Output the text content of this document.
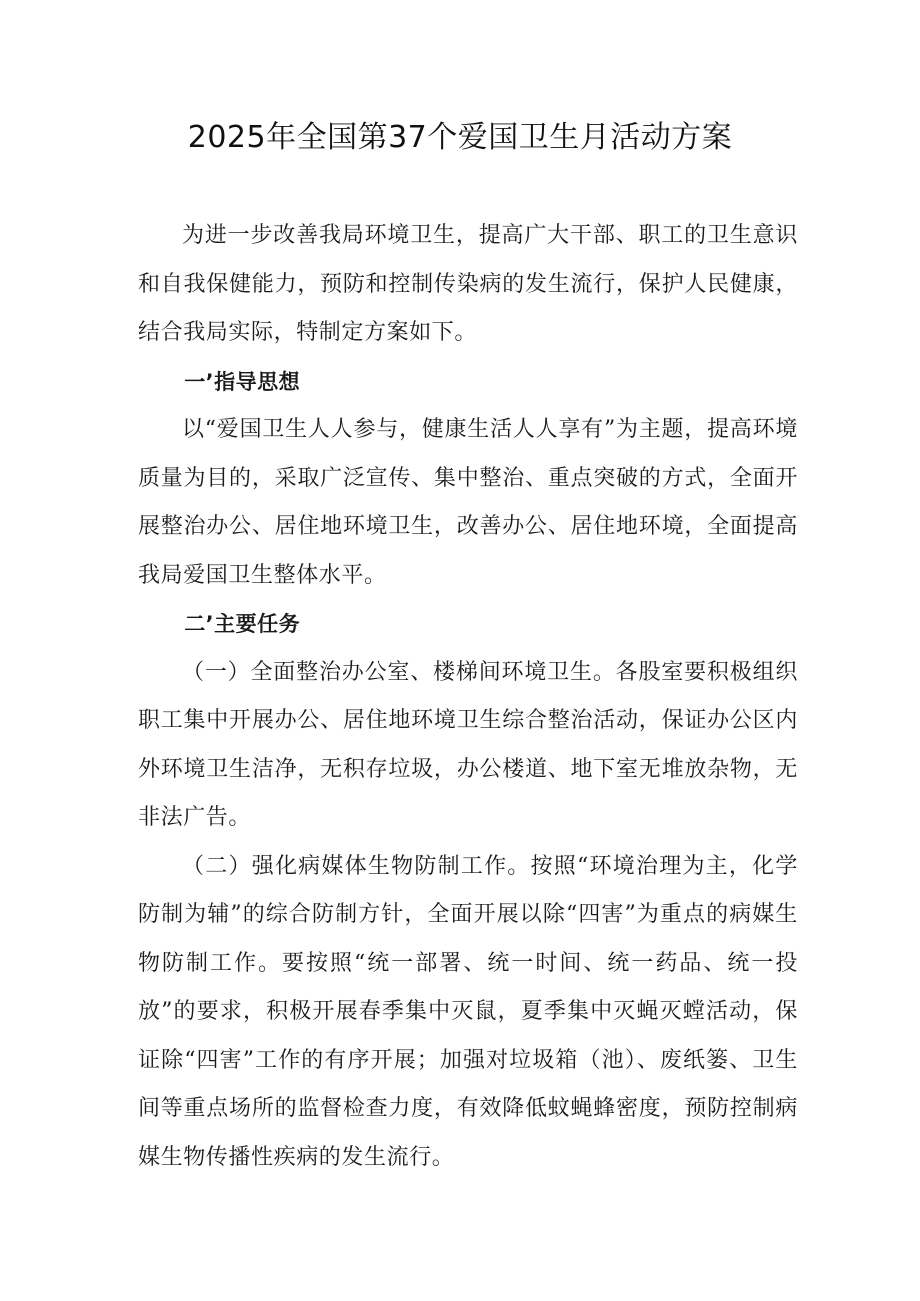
2025年全国第37个爱国卫生月活动方案

为进一步改善我局环境卫生，提高广大干部、职工的卫生意识和自我保健能力，预防和控制传染病的发生流行，保护人民健康，结合我局实际，特制定方案如下。

一’指导思想

以“爱国卫生人人参与，健康生活人人享有”为主题，提高环境质量为目的，采取广泛宣传、集中整治、重点突破的方式，全面开展整治办公、居住地环境卫生，改善办公、居住地环境，全面提高我局爱国卫生整体水平。

二’主要任务

（一）全面整治办公室、楼梯间环境卫生。各股室要积极组织职工集中开展办公、居住地环境卫生综合整治活动，保证办公区内外环境卫生洁净，无积存垃圾，办公楼道、地下室无堆放杂物，无非法广告。

（二）强化病媒体生物防制工作。按照“环境治理为主，化学防制为辅”的综合防制方针，全面开展以除“四害”为重点的病媒生物防制工作。要按照“统一部署、统一时间、统一药品、统一投放”的要求，积极开展春季集中灭鼠，夏季集中灭蝇灭螳活动，保证除“四害”工作的有序开展；加强对垃圾箱（池）、废纸篓、卫生间等重点场所的监督检查力度，有效降低蚊蝇蜂密度，预防控制病媒生物传播性疾病的发生流行。
